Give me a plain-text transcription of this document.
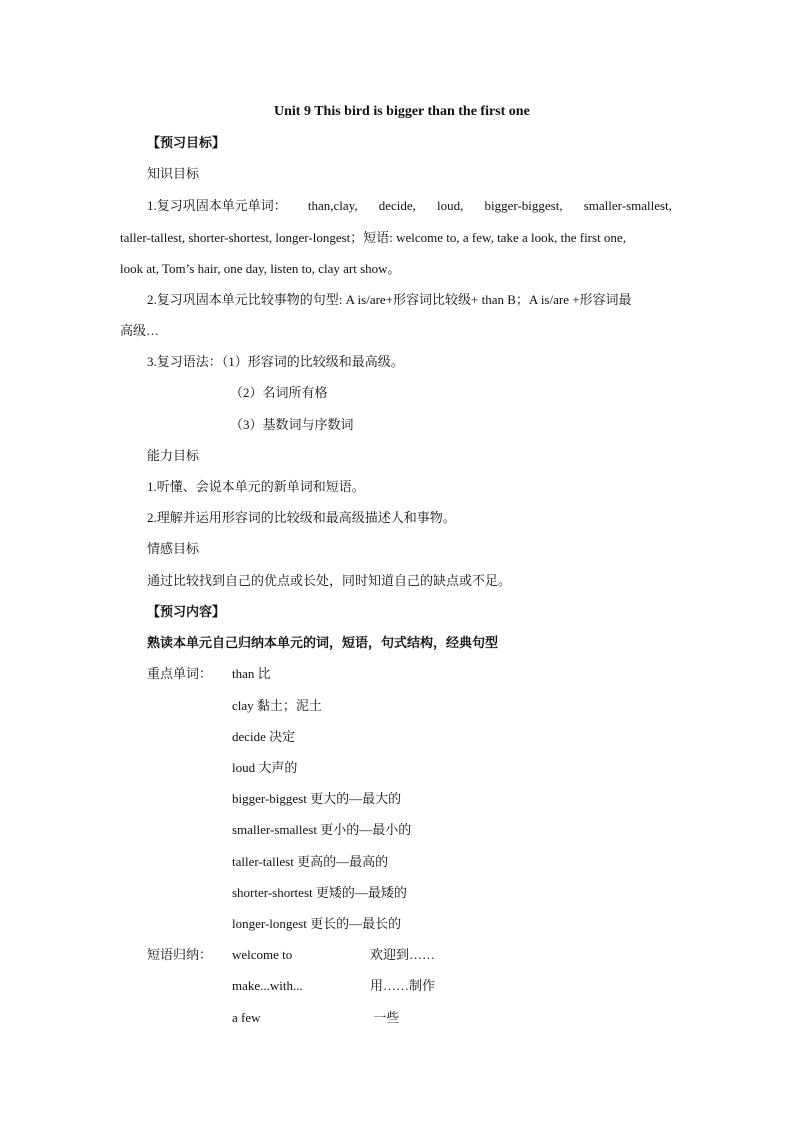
Unit 9 This bird is bigger than the first one
【预习目标】
知识目标
1.复习巩固本单元单词： than,clay, decide, loud, bigger-biggest, smaller-smallest,
taller-tallest, shorter-shortest, longer-longest；短语: welcome to, a few, take a look, the first one,
look at, Tom’s hair, one day, listen to, clay art show。
2.复习巩固本单元比较事物的句型: A is/are+形容词比较级+ than B；A is/are +形容词最
高级…
3.复习语法：（1）形容词的比较级和最高级。
（2）名词所有格
（3）基数词与序数词
能力目标
1.听懂、会说本单元的新单词和短语。
2.理解并运用形容词的比较级和最高级描述人和事物。
情感目标
通过比较找到自己的优点或长处，同时知道自己的缺点或不足。
【预习内容】
熟读本单元自己归纳本单元的词，短语，句式结构，经典句型
重点单词： than 比
clay 黏土；泥土
decide 决定
loud 大声的
bigger-biggest 更大的—最大的
smaller-smallest 更小的—最小的
taller-tallest 更高的—最高的
shorter-shortest 更矮的—最矮的
longer-longest 更长的—最长的
短语归纳： welcome to	欢迎到……
make...with...	用……制作
a few	一些
